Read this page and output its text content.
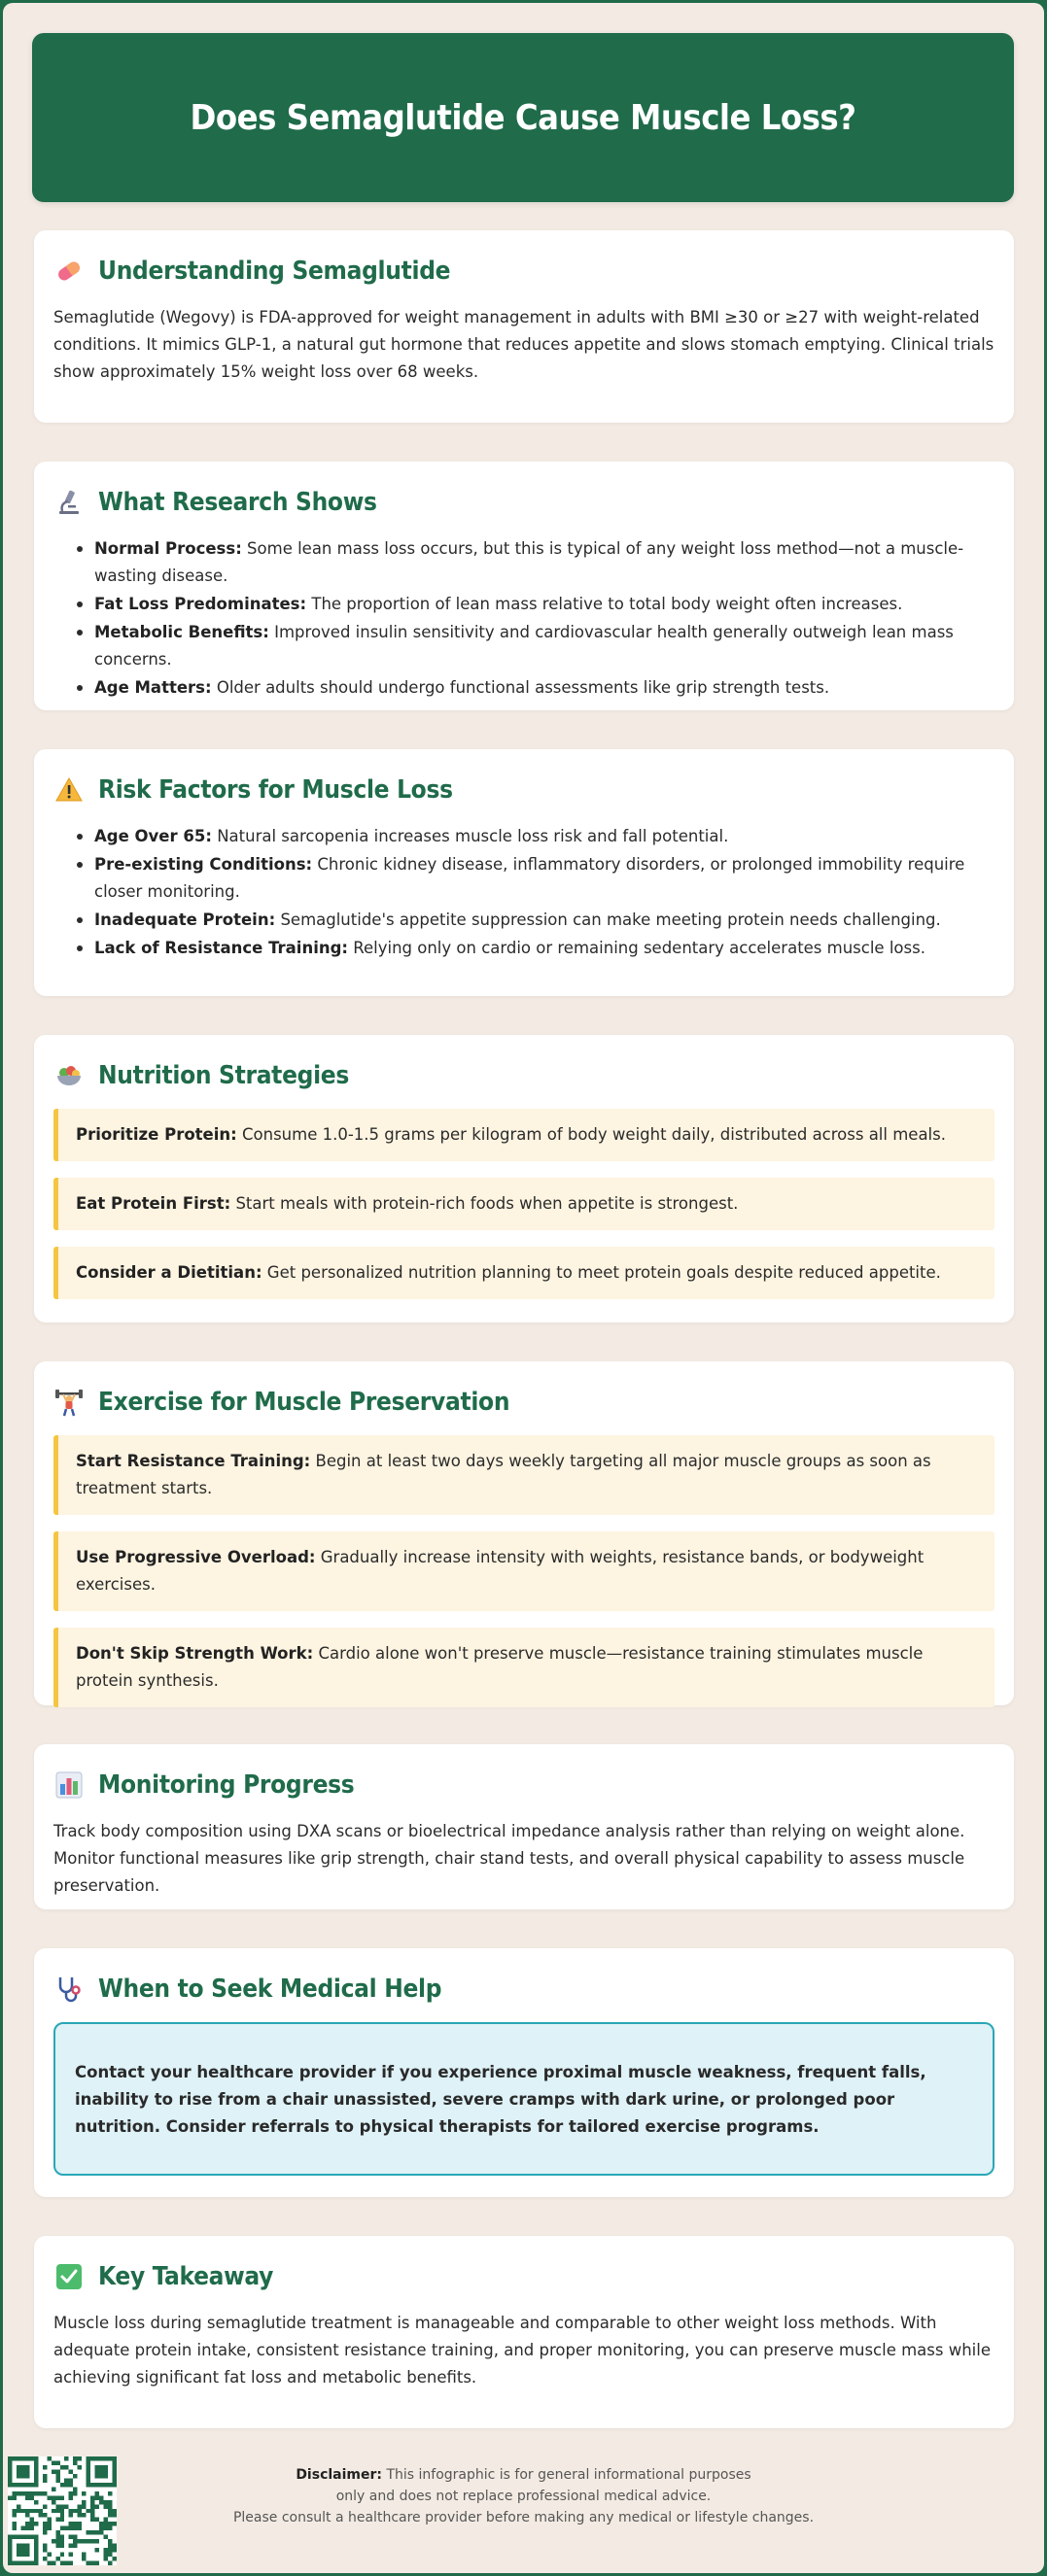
Does Semaglutide Cause Muscle Loss?
Understanding Semaglutide

Semaglutide (Wegovy) is FDA-approved for weight management in adults with BMI ≥30 or ≥27 with weight-related conditions. It mimics GLP-1, a natural gut hormone that reduces appetite and slows stomach emptying. Clinical trials show approximately 15% weight loss over 68 weeks.

What Research Shows
Normal Process: Some lean mass loss occurs, but this is typical of any weight loss method—not a muscle-wasting disease.
Fat Loss Predominates: The proportion of lean mass relative to total body weight often increases.
Metabolic Benefits: Improved insulin sensitivity and cardiovascular health generally outweigh lean mass concerns.
Age Matters: Older adults should undergo functional assessments like grip strength tests.
Risk Factors for Muscle Loss
Age Over 65: Natural sarcopenia increases muscle loss risk and fall potential.
Pre-existing Conditions: Chronic kidney disease, inflammatory disorders, or prolonged immobility require closer monitoring.
Inadequate Protein: Semaglutide's appetite suppression can make meeting protein needs challenging.
Lack of Resistance Training: Relying only on cardio or remaining sedentary accelerates muscle loss.
Nutrition Strategies
Prioritize Protein: Consume 1.0-1.5 grams per kilogram of body weight daily, distributed across all meals.
Eat Protein First: Start meals with protein-rich foods when appetite is strongest.
Consider a Dietitian: Get personalized nutrition planning to meet protein goals despite reduced appetite.
Exercise for Muscle Preservation
Start Resistance Training: Begin at least two days weekly targeting all major muscle groups as soon as treatment starts.
Use Progressive Overload: Gradually increase intensity with weights, resistance bands, or bodyweight exercises.
Don't Skip Strength Work: Cardio alone won't preserve muscle—resistance training stimulates muscle protein synthesis.
Monitoring Progress

Track body composition using DXA scans or bioelectrical impedance analysis rather than relying on weight alone. Monitor functional measures like grip strength, chair stand tests, and overall physical capability to assess muscle preservation.

When to Seek Medical Help
Contact your healthcare provider if you experience proximal muscle weakness, frequent falls, inability to rise from a chair unassisted, severe cramps with dark urine, or prolonged poor nutrition. Consider referrals to physical therapists for tailored exercise programs.
Key Takeaway

Muscle loss during semaglutide treatment is manageable and comparable to other weight loss methods. With adequate protein intake, consistent resistance training, and proper monitoring, you can preserve muscle mass while achieving significant fat loss and metabolic benefits.

Disclaimer: This infographic is for general informational purposes
only and does not replace professional medical advice.
Please consult a healthcare provider before making any medical or lifestyle changes.
